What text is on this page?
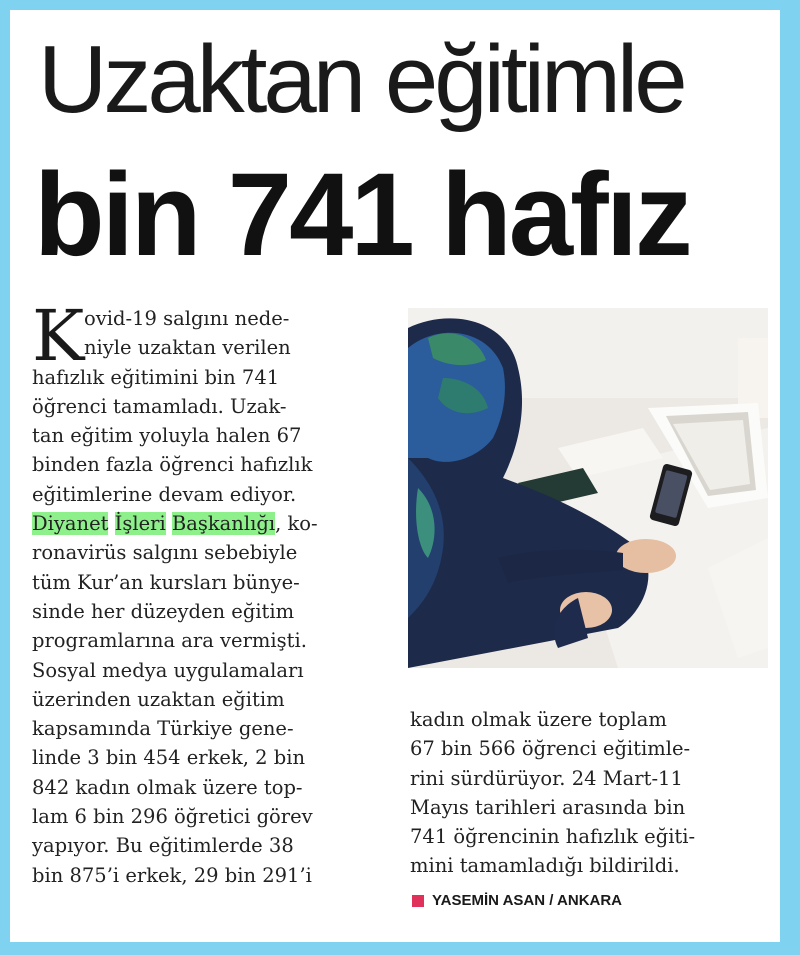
Uzaktan eğitimle
bin 741 hafız
K ovid-19 salgını nede-
niyle uzaktan verilen
hafızlık eğitimini bin 741
öğrenci tamamladı. Uzak-
tan eğitim yoluyla halen 67
binden fazla öğrenci hafızlık
eğitimlerine devam ediyor.
Diyanet İşleri Başkanlığı, ko-
ronavirüs salgını sebebiyle
tüm Kur’an kursları bünye-
sinde her düzeyden eğitim
programlarına ara vermişti.
Sosyal medya uygulamaları
üzerinden uzaktan eğitim
kapsamında Türkiye gene-
linde 3 bin 454 erkek, 2 bin
842 kadın olmak üzere top-
lam 6 bin 296 öğretici görev
yapıyor. Bu eğitimlerde 38
bin 875’i erkek, 29 bin 291’i
kadın olmak üzere toplam
67 bin 566 öğrenci eğitimle-
rini sürdürüyor. 24 Mart-11
Mayıs tarihleri arasında bin
741 öğrencinin hafızlık eğiti-
mini tamamladığı bildirildi.
YASEMİN ASAN / ANKARA
